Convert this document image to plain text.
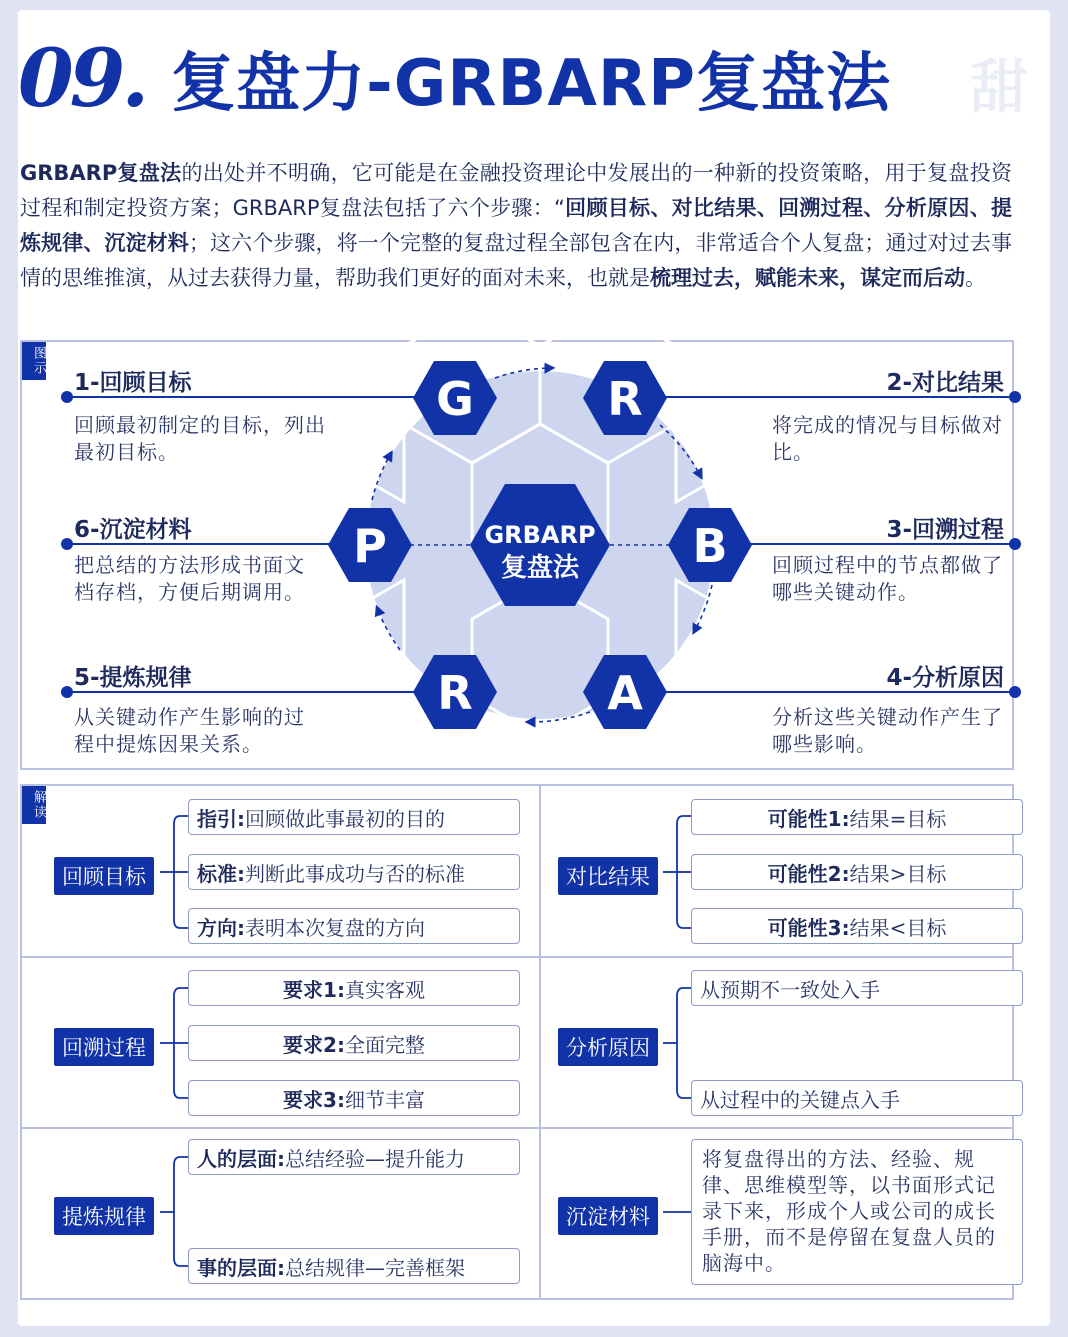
09. 复盘力-GRBARP复盘法 甜
GRBARP复盘法的出处并不明确，它可能是在金融投资理论中发展出的一种新的投资策略，用于复盘投资过程和制定投资方案；GRBARP复盘法包括了六个步骤：“回顾目标、对比结果、回溯过程、分析原因、提炼规律、沉淀材料；这六个步骤，将一个完整的复盘过程全部包含在内，非常适合个人复盘；通过对过去事情的思维推演，从过去获得力量，帮助我们更好的面对未来，也就是梳理过去，赋能未来，谋定而后动。
图示
G	R
B
A
R
P	GRBARP
复盘法
1-回顾目标	2-对比结果
3-回溯过程
4-分析原因
5-提炼规律
6-沉淀材料
回顾最初制定的目标，列出最初目标。
将完成的情况与目标做对比。
回顾过程中的节点都做了哪些关键动作。
分析这些关键动作产生了哪些影响。
从关键动作产生影响的过程中提炼因果关系。
把总结的方法形成书面文档存档，方便后期调用。
解读
回顾目标
指引:回顾做此事最初的目的
标准:判断此事成功与否的标准
方向:表明本次复盘的方向
对比结果
可能性1:结果=目标
可能性2:结果>目标
可能性3:结果<目标
回溯过程
要求1:真实客观
要求2:全面完整
要求3:细节丰富
分析原因
从预期不一致处入手
从过程中的关键点入手
提炼规律
人的层面:总结经验—提升能力
事的层面:总结规律—完善框架
沉淀材料
将复盘得出的方法、经验、规律、思维模型等，以书面形式记录下来，形成个人或公司的成长手册，而不是停留在复盘人员的脑海中。
